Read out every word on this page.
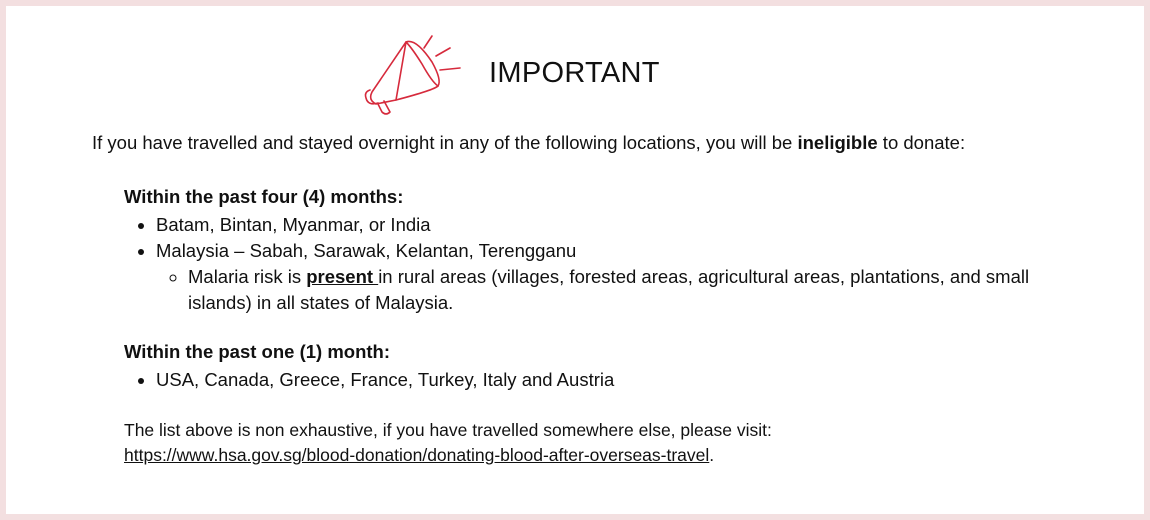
IMPORTANT

If you have travelled and stayed overnight in any of the following locations, you will be ineligible to donate:

Within the past four (4) months:

• Batam, Bintan, Myanmar, or India
• Malaysia – Sabah, Sarawak, Kelantan, Terengganu
◦ Malaria risk is present in rural areas (villages, forested areas, agricultural areas, plantations, and small islands) in all states of Malaysia.

Within the past one (1) month:

• USA, Canada, Greece, France, Turkey, Italy and Austria
The list above is non exhaustive, if you have travelled somewhere else, please visit:
https://www.hsa.gov.sg/blood-donation/donating-blood-after-overseas-travel.
